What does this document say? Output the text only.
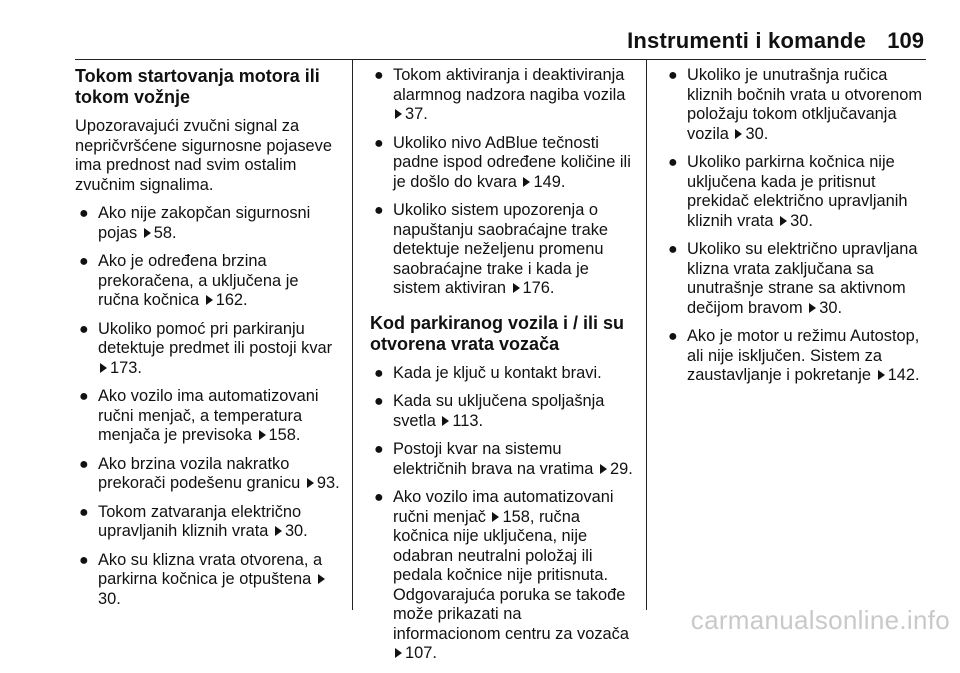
Instrumenti i komande 109
Tokom startovanja motora ili tokom vožnje
Upozoravajući zvučni signal za nepričvršćene sigurnosne pojaseve ima prednost nad svim ostalim zvučnim signalima.
● Ako nije zakopčan sigurnosni pojas 58.
● Ako je određena brzina prekoračena, a uključena je ručna kočnica 162.
● Ukoliko pomoć pri parkiranju detektuje predmet ili postoji kvar 173.
● Ako vozilo ima automatizovani ručni menjač, a temperatura menjača je previsoka 158.
● Ako brzina vozila nakratko prekorači podešenu granicu 93.
● Tokom zatvaranja električno upravljanih kliznih vrata 30.
● Ako su klizna vrata otvorena, a parkirna kočnica je otpuštena 30.
● Tokom aktiviranja i deaktiviranja alarmnog nadzora nagiba vozila 37.
● Ukoliko nivo AdBlue tečnosti padne ispod određene količine ili je došlo do kvara 149.
● Ukoliko sistem upozorenja o napuštanju saobraćajne trake detektuje neželjenu promenu saobraćajne trake i kada je sistem aktiviran 176.
Kod parkiranog vozila i / ili su otvorena vrata vozača
● Kada je ključ u kontakt bravi.
● Kada su uključena spoljašnja svetla 113.
● Postoji kvar na sistemu električnih brava na vratima 29.
● Ako vozilo ima automatizovani ručni menjač 158, ručna kočnica nije uključena, nije odabran neutralni položaj ili pedala kočnice nije pritisnuta. Odgovarajuća poruka se takođe može prikazati na informacionom centru za vozača 107.
● Ukoliko je unutrašnja ručica kliznih bočnih vrata u otvorenom položaju tokom otključavanja vozila 30.
● Ukoliko parkirna kočnica nije uključena kada je pritisnut prekidač električno upravljanih kliznih vrata 30.
● Ukoliko su električno upravljana klizna vrata zaključana sa unutrašnje strane sa aktivnom dečijom bravom 30.
● Ako je motor u režimu Autostop, ali nije isključen. Sistem za zaustavljanje i pokretanje 142.
carmanualsonline.info
